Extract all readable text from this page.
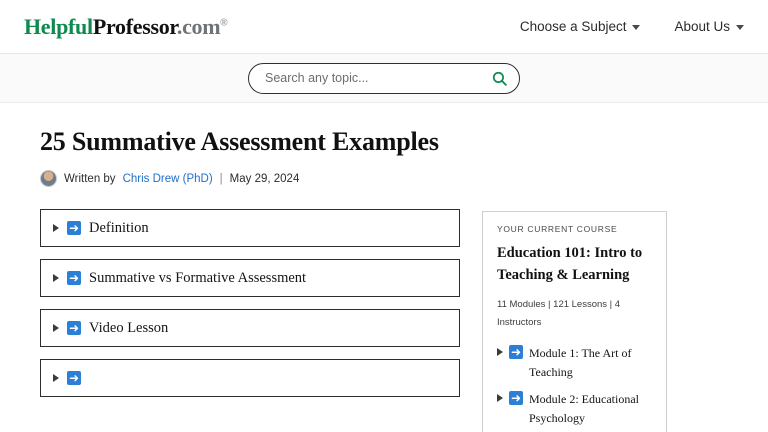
HelpfulProfessor.com®	Choose a Subject	About Us
Search any topic...
25 Summative Assessment Examples
Written by Chris Drew (PhD) | May 29, 2024
➜ Definition
➜ Summative vs Formative Assessment
➜ Video Lesson
➜
YOUR CURRENT COURSE
Education 101: Intro to Teaching & Learning
11 Modules | 121 Lessons | 4 Instructors
➜ Module 1: The Art of Teaching
➜ Module 2: Educational Psychology
